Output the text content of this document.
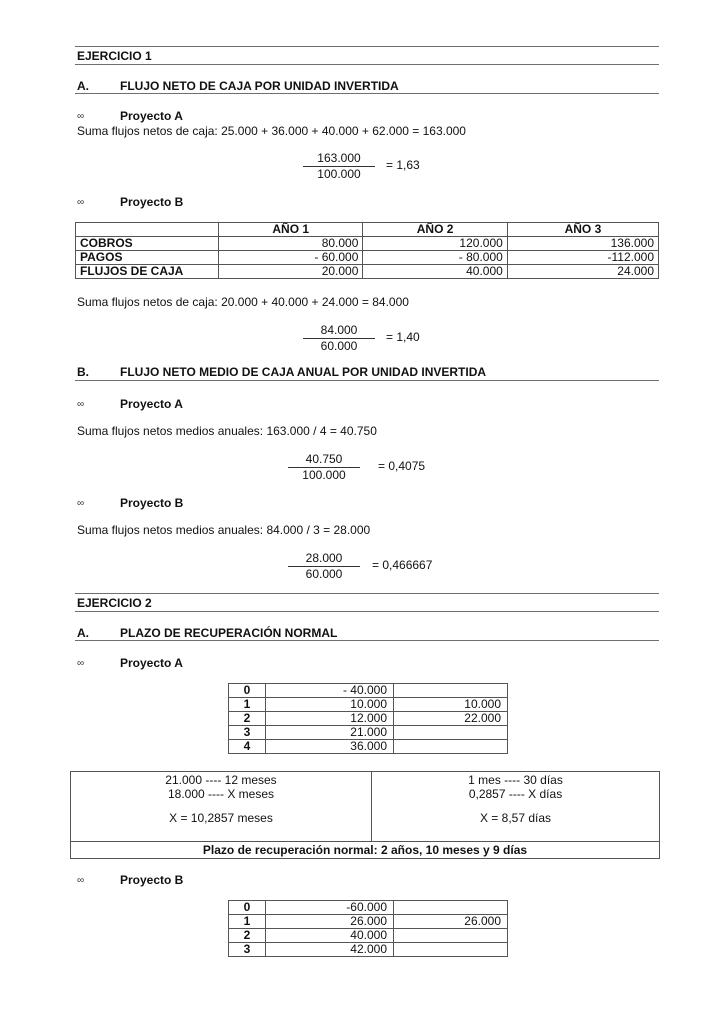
EJERCICIO 1
A.	FLUJO NETO DE CAJA POR UNIDAD INVERTIDA
∞	Proyecto A
Suma flujos netos de caja: 25.000 + 36.000 + 40.000 + 62.000 = 163.000
$\frac{163.000}{100.000} = 1,63$
∞	Proyecto B
	AÑO 1	AÑO 2	AÑO 3
COBROS	80.000	120.000	136.000
PAGOS	- 60.000	- 80.000	-112.000
FLUJOS DE CAJA	20.000	40.000	24.000
Suma flujos netos de caja: 20.000 + 40.000 + 24.000 = 84.000
$\frac{84.000}{60.000} = 1,40$
B.	FLUJO NETO MEDIO DE CAJA ANUAL POR UNIDAD INVERTIDA
∞	Proyecto A
Suma flujos netos medios anuales: 163.000 / 4 = 40.750
$\frac{40.750}{100.000} = 0,4075$
∞	Proyecto B
Suma flujos netos medios anuales: 84.000 / 3 = 28.000
$\frac{28.000}{60.000} = 0,466667$
EJERCICIO 2
A.	PLAZO DE RECUPERACIÓN NORMAL
∞	Proyecto A
0	- 40.000	
1	10.000	10.000
2	12.000	22.000
3	21.000	
4	36.000	
21.000 ---- 12 meses
18.000 ---- X meses
X = 10,2857 meses

1 mes ---- 30 días
0,2857 ---- X días
X = 8,57 días

Plazo de recuperación normal: 2 años, 10 meses y 9 días
∞	Proyecto B
0	-60.000	
1	26.000	26.000
2	40.000	
3	42.000	
